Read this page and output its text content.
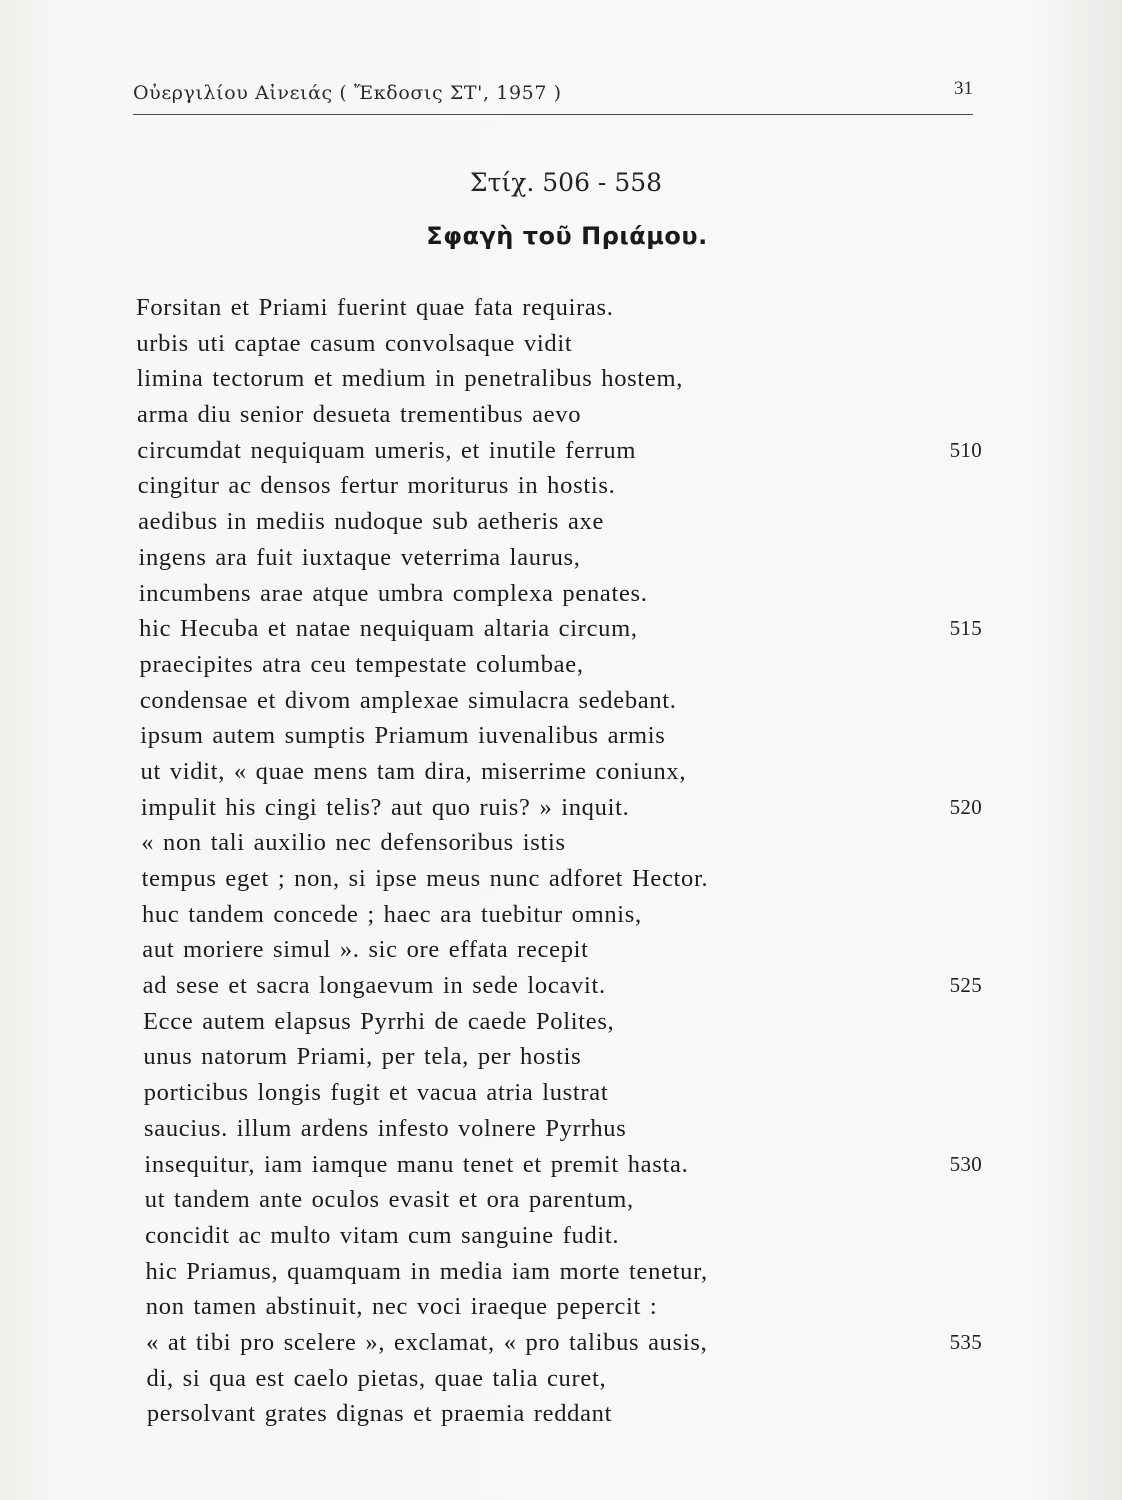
Οὐεργιλίου Αἰνειάς ( Ἔκδοσις ΣΤ', 1957 )	31
Στίχ. 506 - 558
Σφαγὴ τοῦ Πριάμου.
Forsitan et Priami fuerint quae fata requiras.
urbis uti captae casum convolsaque vidit
limina tectorum et medium in penetralibus hostem,
arma diu senior desueta trementibus aevo
circumdat nequiquam umeris, et inutile ferrum	510
cingitur ac densos fertur moriturus in hostis.
aedibus in mediis nudoque sub aetheris axe
ingens ara fuit iuxtaque veterrima laurus,
incumbens arae atque umbra complexa penates.
hic Hecuba et natae nequiquam altaria circum,	515
praecipites atra ceu tempestate columbae,
condensae et divom amplexae simulacra sedebant.
ipsum autem sumptis Priamum iuvenalibus armis
ut vidit, « quae mens tam dira, miserrime coniunx,
impulit his cingi telis? aut quo ruis? » inquit.	520
« non tali auxilio nec defensoribus istis
tempus eget ; non, si ipse meus nunc adforet Hector.
huc tandem concede ; haec ara tuebitur omnis,
aut moriere simul ». sic ore effata recepit
ad sese et sacra longaevum in sede locavit.	525
Ecce autem elapsus Pyrrhi de caede Polites,
unus natorum Priami, per tela, per hostis
porticibus longis fugit et vacua atria lustrat
saucius. illum ardens infesto volnere Pyrrhus
insequitur, iam iamque manu tenet et premit hasta.	530
ut tandem ante oculos evasit et ora parentum,
concidit ac multo vitam cum sanguine fudit.
hic Priamus, quamquam in media iam morte tenetur,
non tamen abstinuit, nec voci iraeque pepercit :
« at tibi pro scelere », exclamat, « pro talibus ausis,	535
di, si qua est caelo pietas, quae talia curet,
persolvant grates dignas et praemia reddant
